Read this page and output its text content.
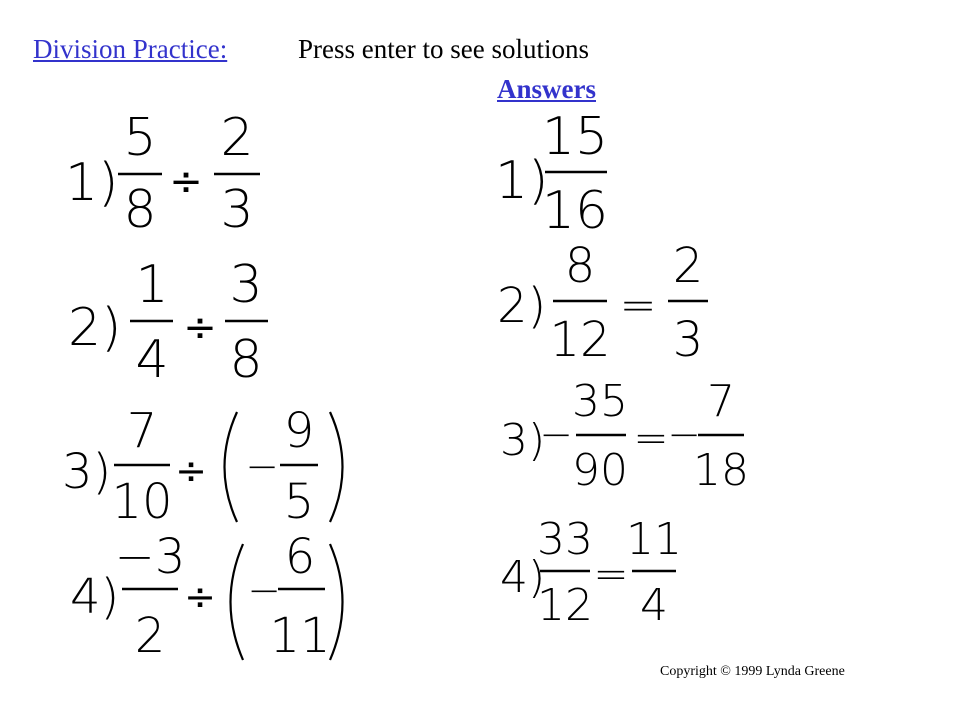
Division Practice:	Press enter to see solutions
Answers
1)
5
8 ÷
2
3
2)
1
4
÷
3
8
3)
7
10
÷ −
9
5
4)
−3
2
÷ −
6
11
1)
15
16
2)
8
12
=
2
3
3)
−
35
90
=
−
7
18
4)
33
12
=
11
4
Copyright © 1999 Lynda Greene
